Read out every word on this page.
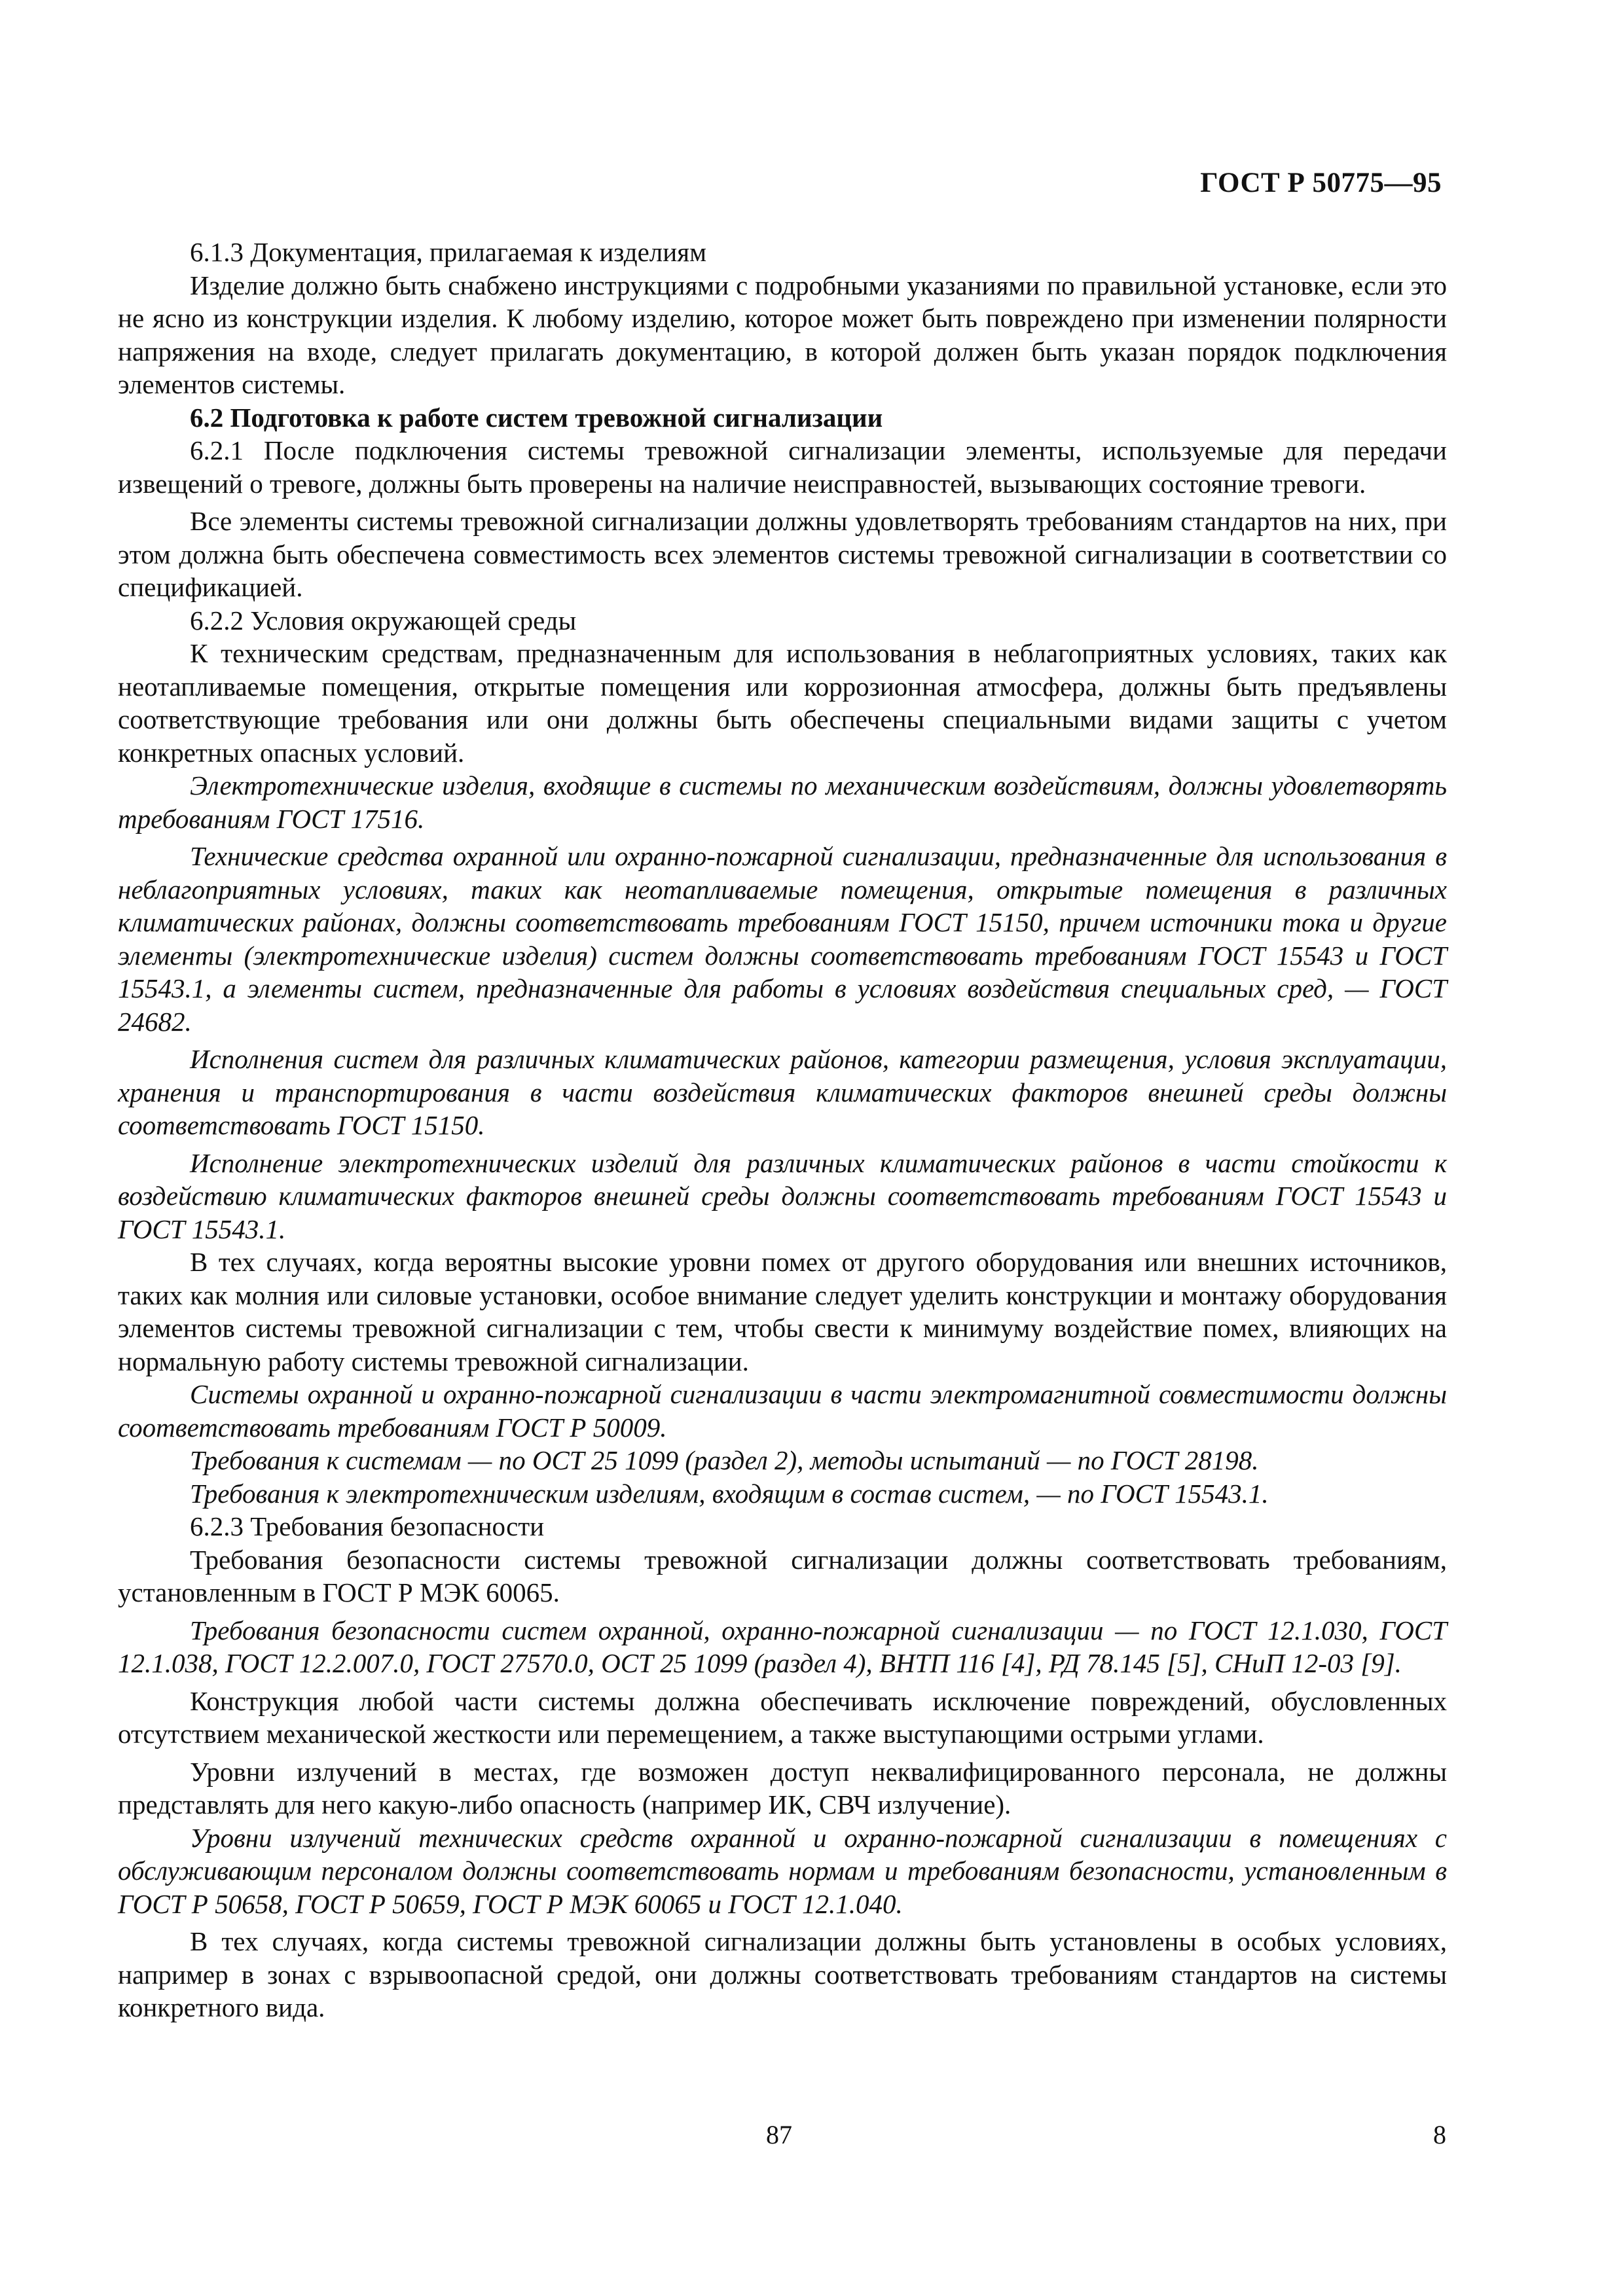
ГОСТ Р 50775—95

6.1.3 Документация, прилагаемая к изделиям

Изделие должно быть снабжено инструкциями с подробными указаниями по правильной установке, если это не ясно из конструкции изделия. К любому изделию, которое может быть повреждено при изменении полярности напряжения на входе, следует прилагать документацию, в которой должен быть указан порядок подключения элементов системы.

6.2 Подготовка к работе систем тревожной сигнализации

6.2.1 После подключения системы тревожной сигнализации элементы, используемые для передачи извещений о тревоге, должны быть проверены на наличие неисправностей, вызывающих состояние тревоги.

Все элементы системы тревожной сигнализации должны удовлетворять требованиям стандартов на них, при этом должна быть обеспечена совместимость всех элементов системы тревожной сигнализации в соответствии со спецификацией.

6.2.2 Условия окружающей среды

К техническим средствам, предназначенным для использования в неблагоприятных условиях, таких как неотапливаемые помещения, открытые помещения или коррозионная атмосфера, должны быть предъявлены соответствующие требования или они должны быть обеспечены специальными видами защиты с учетом конкретных опасных условий.

Электротехнические изделия, входящие в системы по механическим воздействиям, должны удовлетворять требованиям ГОСТ 17516.

Технические средства охранной или охранно-пожарной сигнализации, предназначенные для использования в неблагоприятных условиях, таких как неотапливаемые помещения, открытые помещения в различных климатических районах, должны соответствовать требованиям ГОСТ 15150, причем источники тока и другие элементы (электротехнические изделия) систем должны соответствовать требованиям ГОСТ 15543 и ГОСТ 15543.1, а элементы систем, предназначенные для работы в условиях воздействия специальных сред, — ГОСТ 24682.

Исполнения систем для различных климатических районов, категории размещения, условия эксплуатации, хранения и транспортирования в части воздействия климатических факторов внешней среды должны соответствовать ГОСТ 15150.

Исполнение электротехнических изделий для различных климатических районов в части стойкости к воздействию климатических факторов внешней среды должны соответствовать требованиям ГОСТ 15543 и ГОСТ 15543.1.

В тех случаях, когда вероятны высокие уровни помех от другого оборудования или внешних источников, таких как молния или силовые установки, особое внимание следует уделить конструкции и монтажу оборудования элементов системы тревожной сигнализации с тем, чтобы свести к минимуму воздействие помех, влияющих на нормальную работу системы тревожной сигнализации.

Системы охранной и охранно-пожарной сигнализации в части электромагнитной совместимости должны соответствовать требованиям ГОСТ Р 50009.

Требования к системам — по ОСТ 25 1099 (раздел 2), методы испытаний — по ГОСТ 28198.

Требования к электротехническим изделиям, входящим в состав систем, — по ГОСТ 15543.1.

6.2.3 Требования безопасности

Требования безопасности системы тревожной сигнализации должны соответствовать требованиям, установленным в ГОСТ Р МЭК 60065.

Требования безопасности систем охранной, охранно-пожарной сигнализации — по ГОСТ 12.1.030, ГОСТ 12.1.038, ГОСТ 12.2.007.0, ГОСТ 27570.0, ОСТ 25 1099 (раздел 4), ВНТП 116 [4], РД 78.145 [5], СНиП 12-03 [9].

Конструкция любой части системы должна обеспечивать исключение повреждений, обусловленных отсутствием механической жесткости или перемещением, а также выступающими острыми углами.

Уровни излучений в местах, где возможен доступ неквалифицированного персонала, не должны представлять для него какую-либо опасность (например ИК, СВЧ излучение).

Уровни излучений технических средств охранной и охранно-пожарной сигнализации в помещениях с обслуживающим персоналом должны соответствовать нормам и требованиям безопасности, установленным в ГОСТ Р 50658, ГОСТ Р 50659, ГОСТ Р МЭК 60065 и ГОСТ 12.1.040.

В тех случаях, когда системы тревожной сигнализации должны быть установлены в особых условиях, например в зонах с взрывоопасной средой, они должны соответствовать требованиям стандартов на системы конкретного вида.

87	8
